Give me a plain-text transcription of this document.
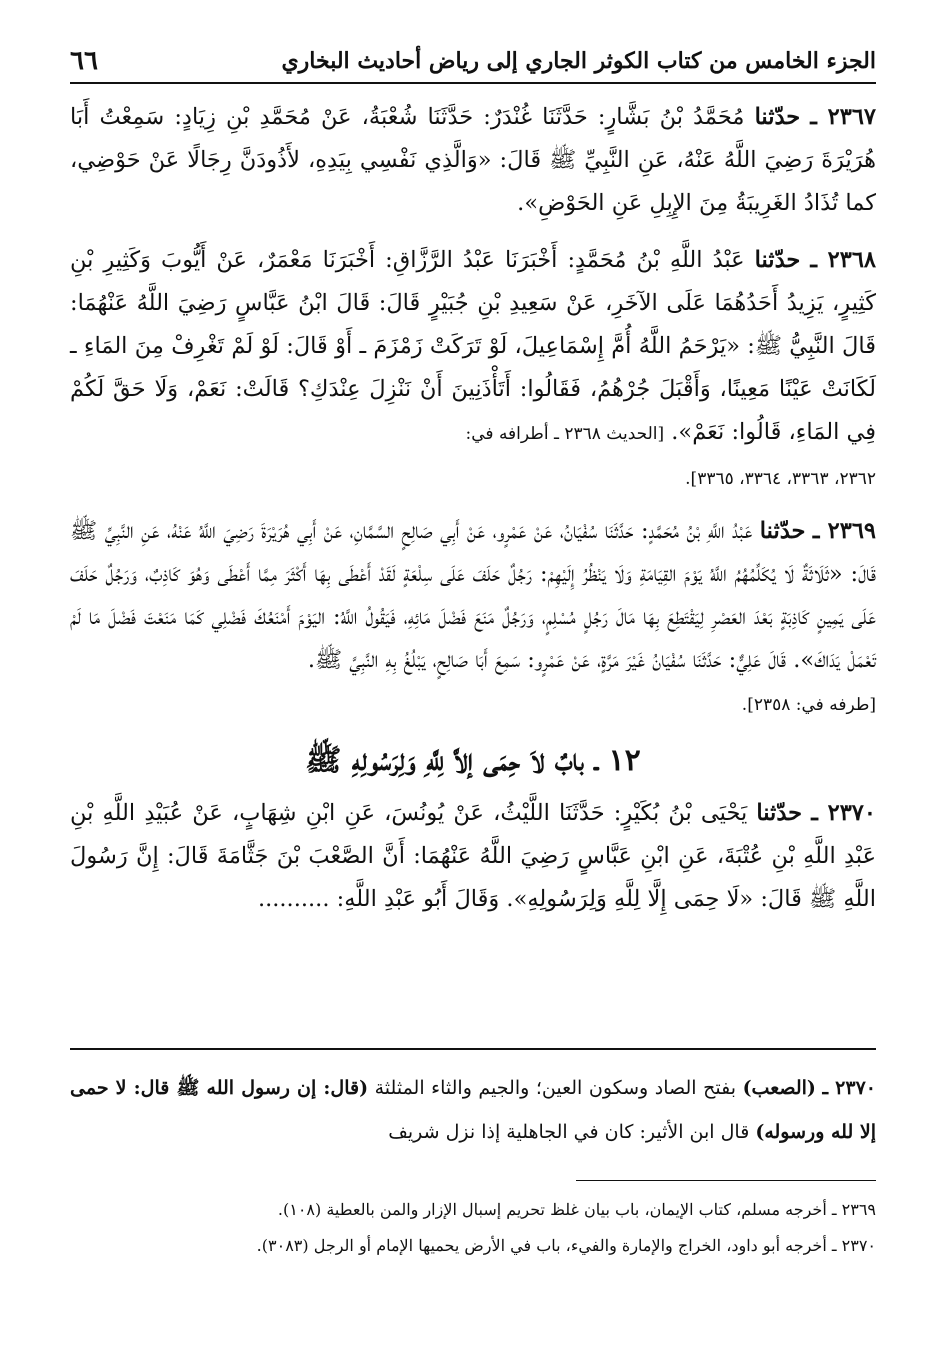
الجزء الخامس من كتاب الكوثر الجاري إلى رياض أحاديث البخاري
٦٦

٢٣٦٧ ـ حدّثنا مُحَمَّدُ بْنُ بَشَّارٍ: حَدَّثَنَا غُنْدَرٌ: حَدَّثَنَا شُعْبَةُ، عَنْ مُحَمَّدِ بْنِ زِيَادٍ: سَمِعْتُ أَبَا هُرَيْرَةَ رَضِيَ اللَّهُ عَنْهُ، عَنِ النَّبِيِّ ﷺ قَالَ: «وَالَّذِي نَفْسِي بِيَدِهِ، لأَذُودَنَّ رِجَالًا عَنْ حَوْضِي، كما تُذَادُ الغَرِيبَةُ مِنَ الإِبِلِ عَنِ الحَوْضِ».

٢٣٦٨ ـ حدّثنا عَبْدُ اللَّهِ بْنُ مُحَمَّدٍ: أَخْبَرَنَا عَبْدُ الرَّزَّاقِ: أَخْبَرَنَا مَعْمَرٌ، عَنْ أَيُّوبَ وَكَثِيرِ بْنِ كَثِيرٍ، يَزِيدُ أَحَدُهُمَا عَلَى الآخَرِ، عَنْ سَعِيدِ بْنِ جُبَيْرٍ قَالَ: قَالَ ابْنُ عَبَّاسٍ رَضِيَ اللَّهُ عَنْهُمَا: قَالَ النَّبِيُّ ﷺ: «يَرْحَمُ اللَّهُ أُمَّ إِسْمَاعِيلَ، لَوْ تَرَكَتْ زَمْزَمَ ـ أَوْ قَالَ: لَوْ لَمْ تَغْرِفْ مِنَ المَاءِ ـ لَكَانَتْ عَيْنًا مَعِينًا، وَأَقْبَلَ جُرْهُمُ، فَقَالُوا: أَتَأْذَنِينَ أَنْ نَنْزِلَ عِنْدَكِ؟ قَالَتْ: نَعَمْ، وَلَا حَقَّ لَكُمْ فِي المَاءِ، قَالُوا: نَعَمْ». [الحديث ٢٣٦٨ ـ أطرافه في:

٢٣٦٢، ٣٣٦٣، ٣٣٦٤، ٣٣٦٥].

٢٣٦٩ ـ حدّثنا عَبْدُ اللَّهِ بْنُ مُحَمَّدٍ: حَدَّثَنَا سُفْيَانُ، عَنْ عَمْرٍو، عَنْ أَبِي صَالِحٍ السَّمَّانِ، عَنْ أَبِي هُرَيْرَةَ رَضِيَ اللَّهُ عَنْهُ، عَنِ النَّبِيِّ ﷺ قَالَ: «ثَلَاثَةٌ لَا يُكَلِّمُهُمُ اللَّهُ يَوْمَ القِيَامَةِ وَلَا يَنْظُرُ إِلَيْهِمْ: رَجُلٌ حَلَفَ عَلَى سِلْعَةٍ لَقَدْ أَعْطَى بِهَا أَكْثَرَ مِمَّا أَعْطَى وَهُوَ كَاذِبٌ، وَرَجُلٌ حَلَفَ عَلَى يَمِينٍ كَاذِبَةٍ بَعْدَ العَصْرِ لِيَقْتَطِعَ بِهَا مَالَ رَجُلٍ مُسْلِمٍ، وَرَجُلٌ مَنَعَ فَضْلَ مَائِهِ، فَيَقُولُ اللَّهُ: اليَوْمَ أَمْنَعُكَ فَضْلِي كَمَا مَنَعْتَ فَضْلَ مَا لَمْ تَعْمَلْ يَدَاكَ». قَالَ عَلِيٌّ: حَدَّثَنَا سُفْيَانُ غَيْرَ مَرَّةٍ، عَنْ عَمْرٍو: سَمِعَ أَبَا صَالِحٍ، يَبْلُغُ بِهِ النَّبِيَّ ﷺ.

[طرفه في: ٢٣٥٨].
١٢ ـ بابٌ لاَ حِمَى إلاَّ لِلَّهِ وَلِرَسُولِهِ ﷺ

٢٣٧٠ ـ حدّثنا يَحْيَى بْنُ بُكَيْرٍ: حَدَّثَنَا اللَّيْثُ، عَنْ يُونُسَ، عَنِ ابْنِ شِهَابٍ، عَنْ عُبَيْدِ اللَّهِ بْنِ عَبْدِ اللَّهِ بْنِ عُتْبَةَ، عَنِ ابْنِ عَبَّاسٍ رَضِيَ اللَّهُ عَنْهُمَا: أَنَّ الصَّعْبَ بْنَ جَثَّامَةَ قَالَ: إِنَّ رَسُولَ اللَّهِ ﷺ قَالَ: «لَا حِمَى إِلَّا لِلَّهِ وَلِرَسُولِهِ». وَقَالَ أَبُو عَبْدِ اللَّهِ: ..........

٢٣٧٠ ـ (الصعب) بفتح الصاد وسكون العين؛ والجيم والثاء المثلثة (قال: إن رسول الله ﷺ قال: لا حمى إلا لله ورسوله) قال ابن الأثير: كان في الجاهلية إذا نزل شريف
٢٣٦٩ ـ أخرجه مسلم، كتاب الإيمان، باب بيان غلظ تحريم إسبال الإزار والمن بالعطية (١٠٨).
٢٣٧٠ ـ أخرجه أبو داود، الخراج والإمارة والفيء، باب في الأرض يحميها الإمام أو الرجل (٣٠٨٣).
